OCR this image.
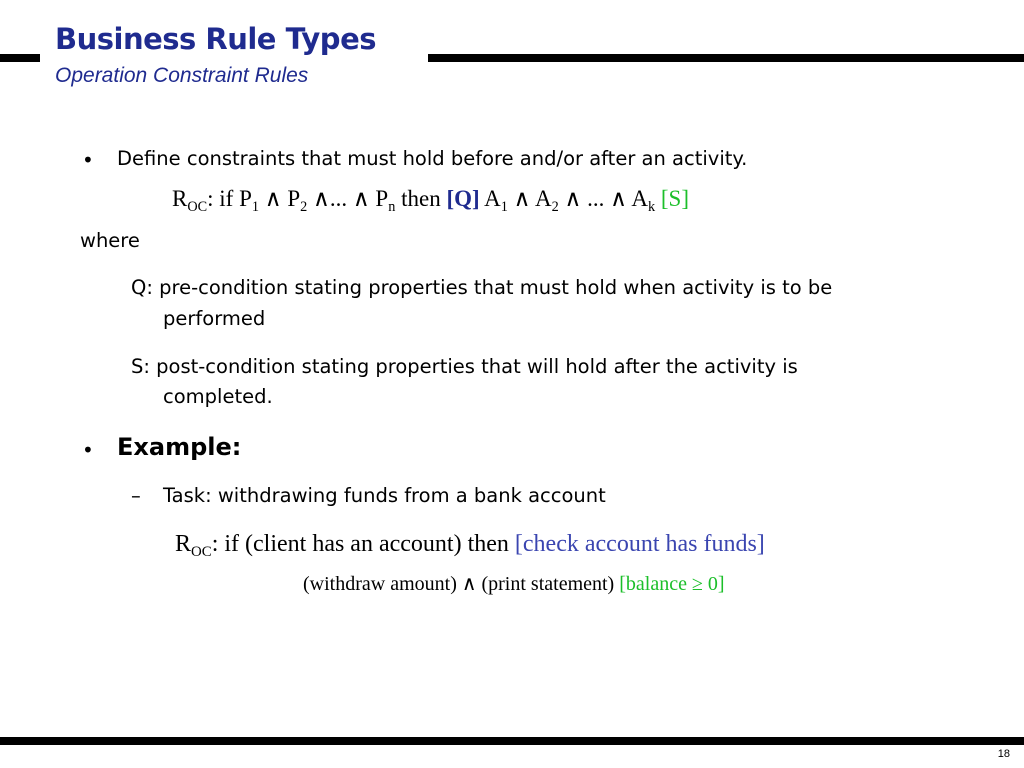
Business Rule Types
Operation Constraint Rules
• Define constraints that must hold before and/or after an activity.
$R_{OC}$: if $P_1$ ∧ $P_2$ ∧... ∧ $P_n$ then [Q] $A_1$ ∧ $A_2$ ∧ ... ∧ $A_k$ [S]
where
Q: pre-condition stating properties that must hold when activity is to be
performed
S: post-condition stating properties that will hold after the activity is
completed.
• Example:
– Task: withdrawing funds from a bank account
$R_{OC}$: if (client has an account) then [check account has funds]
(withdraw amount) ∧ (print statement) [balance ≥ 0]
18
